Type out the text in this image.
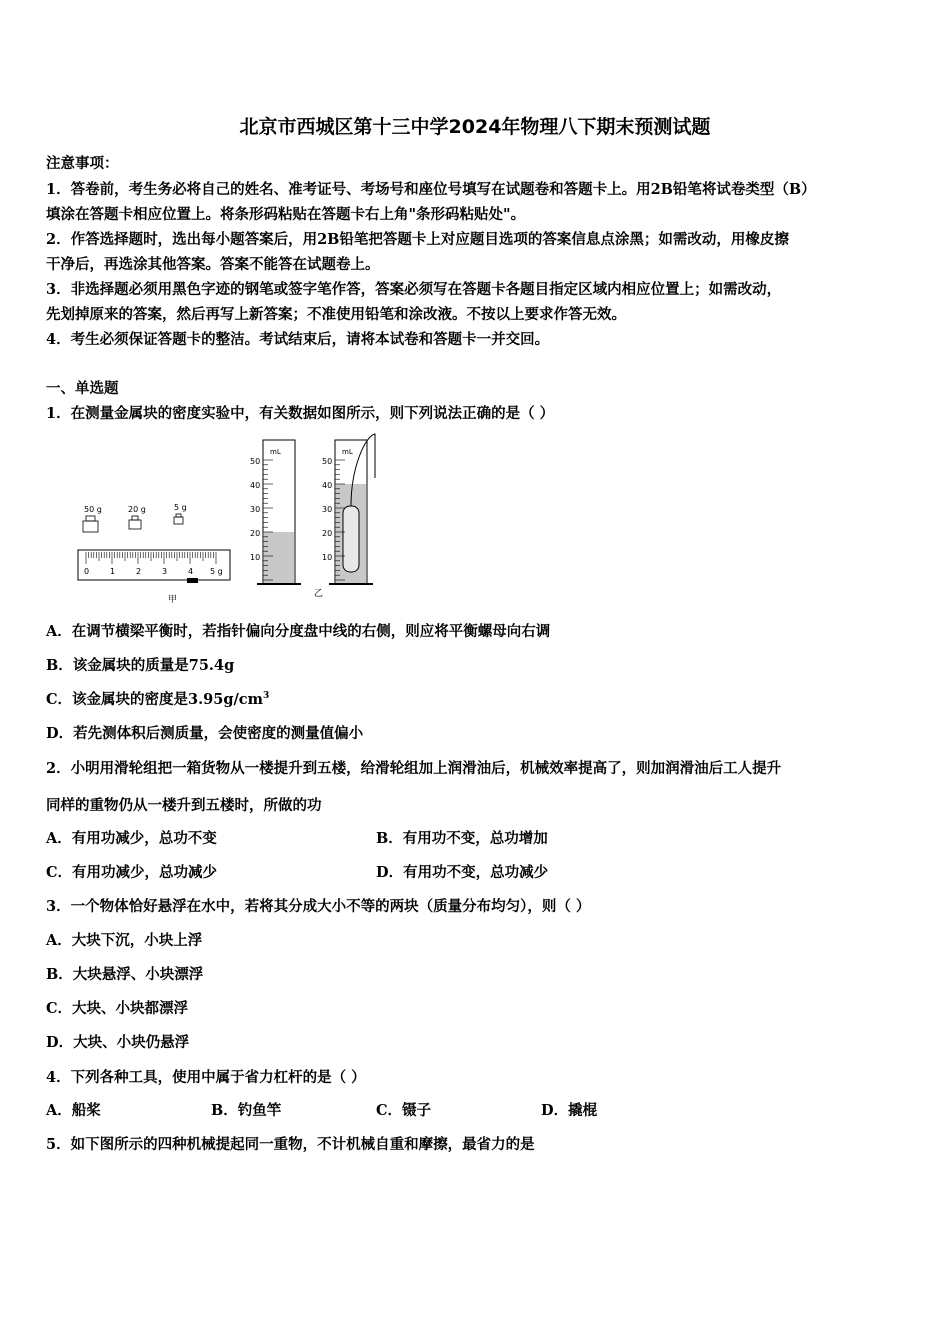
北京市西城区第十三中学2024年物理八下期末预测试题
注意事项：
1．答卷前，考生务必将自己的姓名、准考证号、考场号和座位号填写在试题卷和答题卡上。用2B铅笔将试卷类型（B）
填涂在答题卡相应位置上。将条形码粘贴在答题卡右上角"条形码粘贴处"。
2．作答选择题时，选出每小题答案后，用2B铅笔把答题卡上对应题目选项的答案信息点涂黑；如需改动，用橡皮擦
干净后，再选涂其他答案。答案不能答在试题卷上。
3．非选择题必须用黑色字迹的钢笔或签字笔作答，答案必须写在答题卡各题目指定区域内相应位置上；如需改动，
先划掉原来的答案，然后再写上新答案；不准使用铅笔和涂改液。不按以上要求作答无效。
4．考生必须保证答题卡的整洁。考试结束后，请将本试卷和答题卡一并交回。
一、单选题
1．在测量金属块的密度实验中，有关数据如图所示，则下列说法正确的是（ ）
50 g	20 g	5 g
0	1	2	3	4 5 g
甲
mL
50
40
30
20
10
mL
50
40
30
20
10
乙
A．在调节横梁平衡时，若指针偏向分度盘中线的右侧，则应将平衡螺母向右调
B．该金属块的质量是75.4g
C．该金属块的密度是$3.95g/cm^3$
D．若先测体积后测质量，会使密度的测量值偏小
2．小明用滑轮组把一箱货物从一楼提升到五楼，给滑轮组加上润滑油后，机械效率提高了，则加润滑油后工人提升
同样的重物仍从一楼升到五楼时，所做的功
A．有用功减少，总功不变	B．有用功不变，总功增加
C．有用功减少，总功减少	D．有用功不变，总功减少
3．一个物体恰好悬浮在水中，若将其分成大小不等的两块（质量分布均匀），则（ ）
A．大块下沉，小块上浮
B．大块悬浮、小块漂浮
C．大块、小块都漂浮
D．大块、小块仍悬浮
4．下列各种工具，使用中属于省力杠杆的是（ ）
A．船桨	B．钓鱼竿	C．镊子	D．撬棍
5．如下图所示的四种机械提起同一重物，不计机械自重和摩擦，最省力的是
